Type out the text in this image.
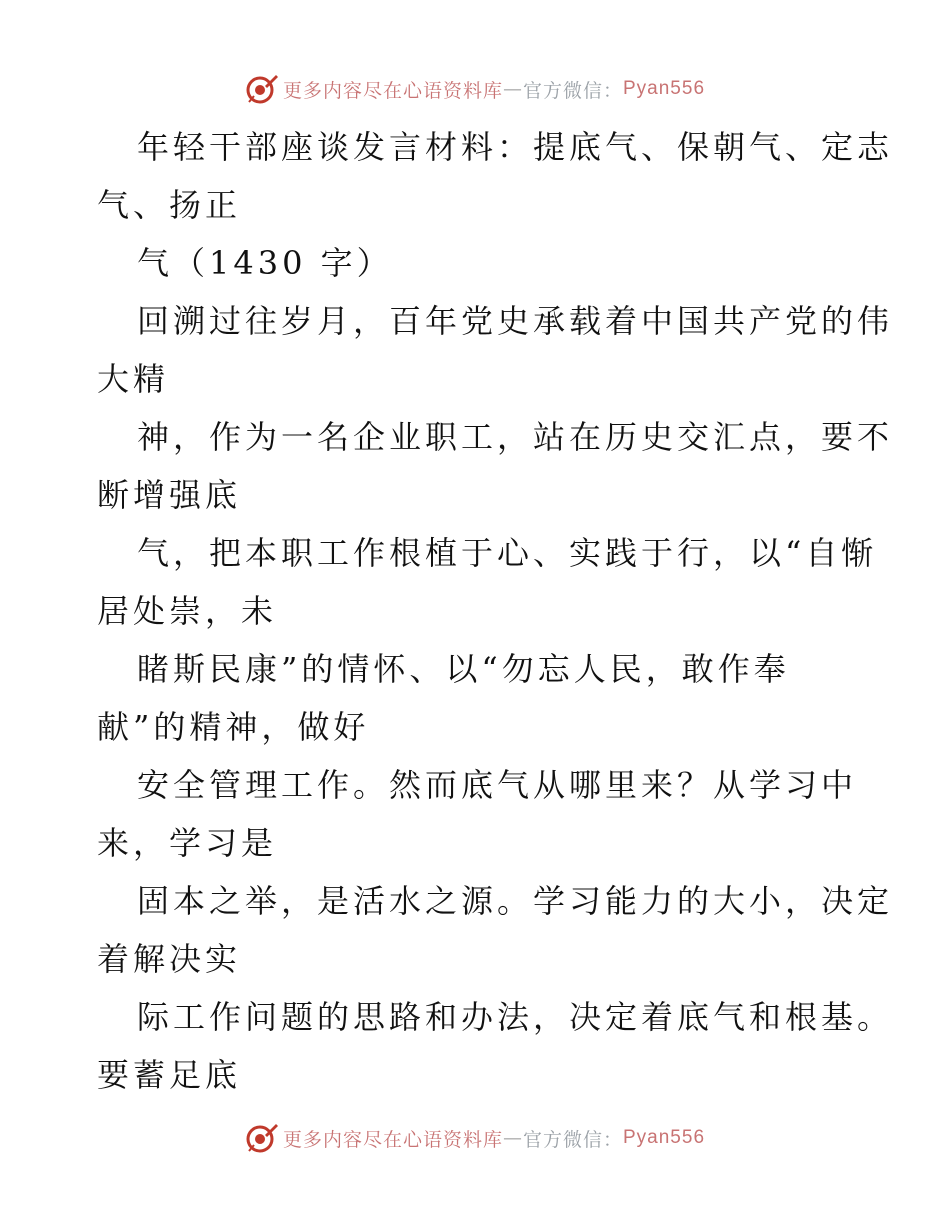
更多内容尽在心语资料库 — 官方微信： Pyan556
年轻干部座谈发言材料：提底气、保朝气、定志
气、扬正
气（1430 字）
回溯过往岁月，百年党史承载着中国共产党的伟
大精
神，作为一名企业职工，站在历史交汇点，要不
断增强底
气，把本职工作根植于心、实践于行，以“自惭
居处崇，未
睹斯民康”的情怀、以“勿忘人民，敢作奉
献”的精神，做好
安全管理工作。然而底气从哪里来？从学习中
来，学习是
固本之举，是活水之源。学习能力的大小，决定
着解决实
际工作问题的思路和办法，决定着底气和根基。
要蓄足底
更多内容尽在心语资料库 — 官方微信： Pyan556
